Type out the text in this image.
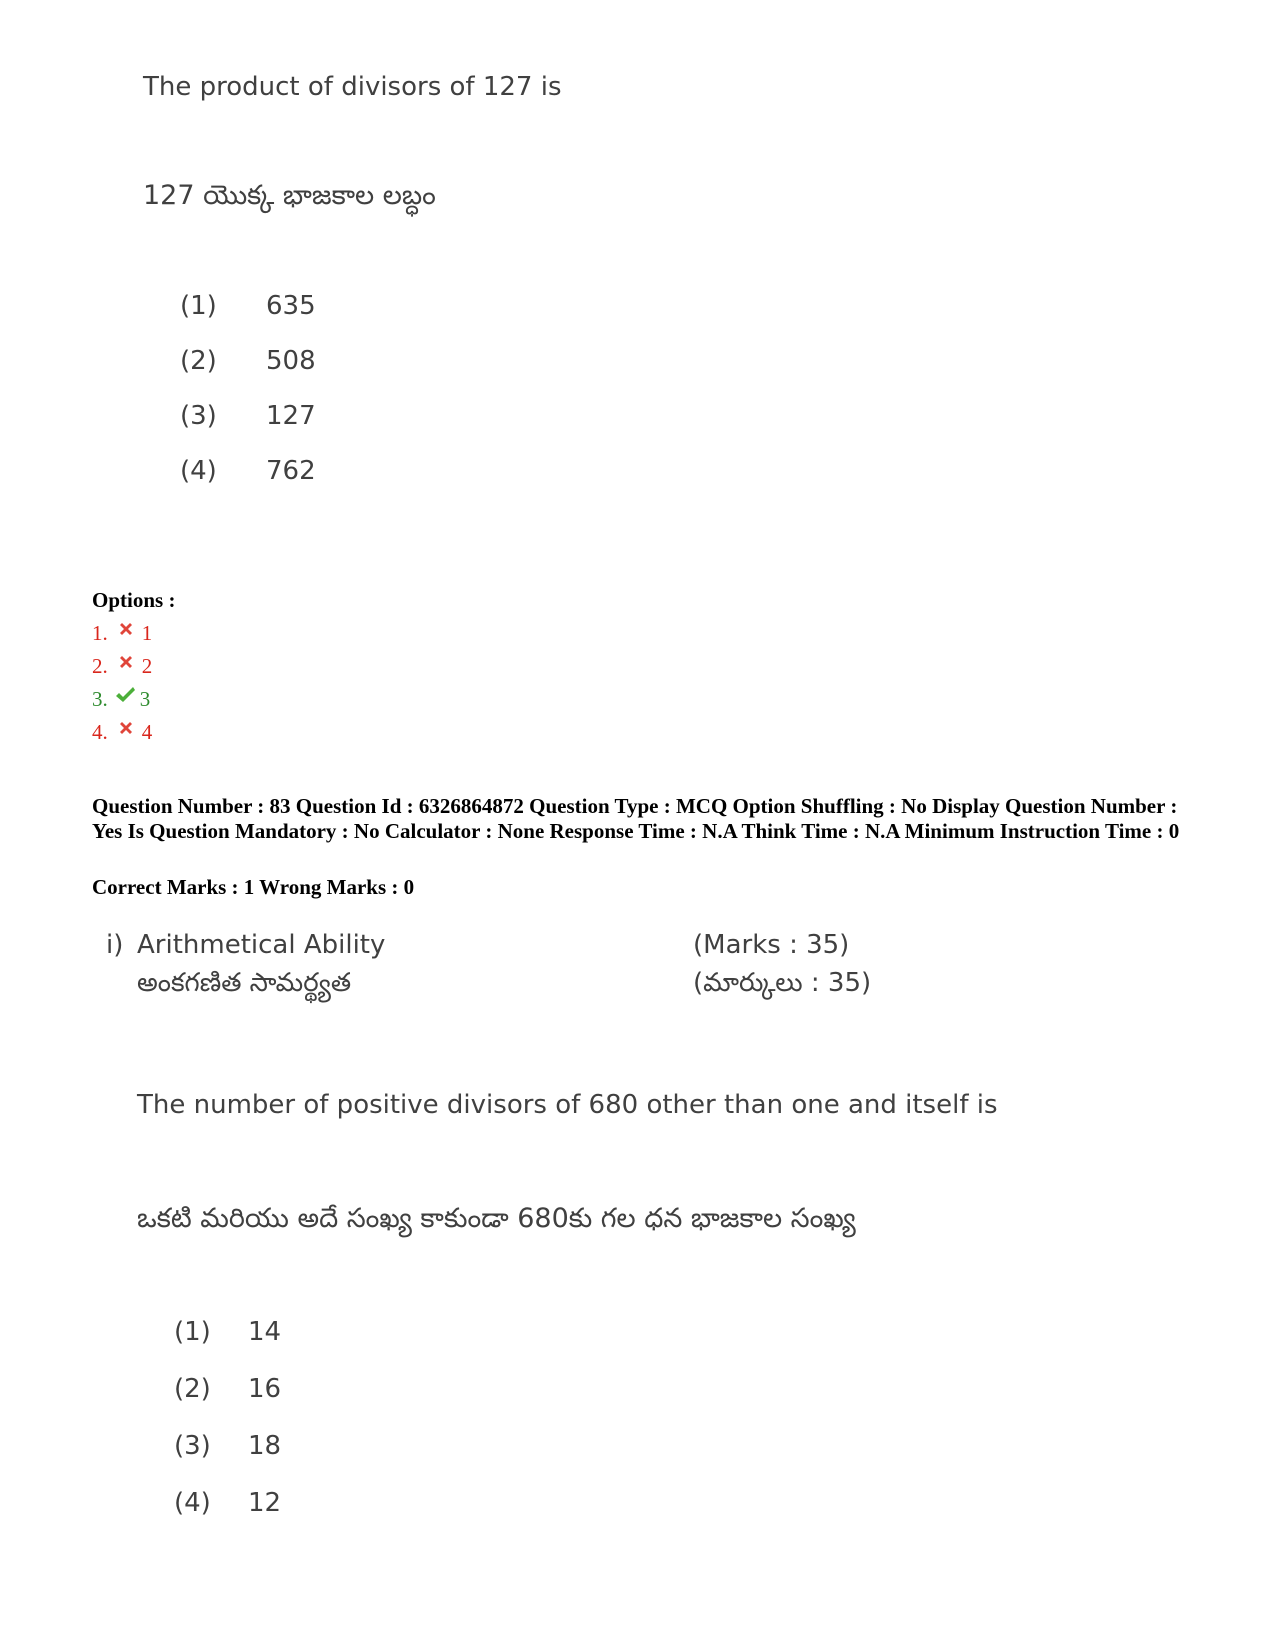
The product of divisors of 127 is
127 యొక్క భాజకాల లబ్ధం
(1) 635
(2) 508
(3) 127
(4) 762
Options :
1. 1
2. 2
3. 3
4. 4
Question Number : 83 Question Id : 6326864872 Question Type : MCQ Option Shuffling : No Display Question Number : Yes Is Question Mandatory : No Calculator : None Response Time : N.A Think Time : N.A Minimum Instruction Time : 0
Correct Marks : 1 Wrong Marks : 0
i) Arithmetical Ability
అంకగణిత సామర్థ్యత
(Marks : 35)
(మార్కులు : 35)
The number of positive divisors of 680 other than one and itself is
ఒకటి మరియు అదే సంఖ్య కాకుండా 680కు గల ధన భాజకాల సంఖ్య
(1) 14
(2) 16
(3) 18
(4) 12
